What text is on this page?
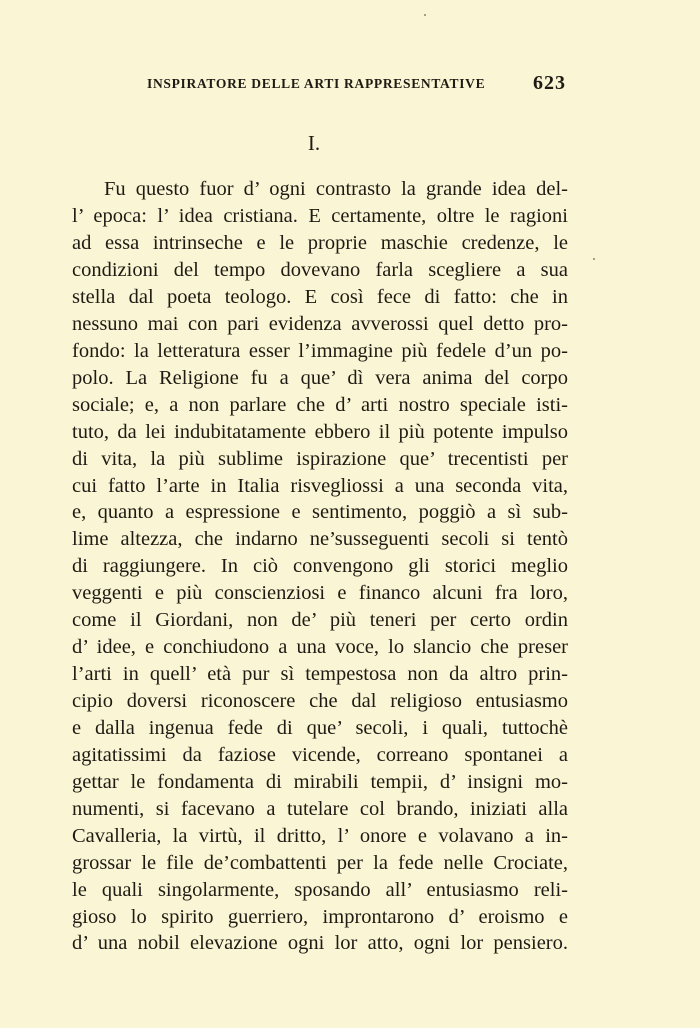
INSPIRATORE DELLE ARTI RAPPRESENTATIVE 623
I.
Fu questo fuor d’ ogni contrasto la grande idea del-
l’ epoca: l’ idea cristiana. E certamente, oltre le ragioni
ad essa intrinseche e le proprie maschie credenze, le
condizioni del tempo dovevano farla scegliere a sua
stella dal poeta teologo. E così fece di fatto: che in
nessuno mai con pari evidenza avverossi quel detto pro-
fondo: la letteratura esser l’immagine più fedele d’un po-
polo. La Religione fu a que’ dì vera anima del corpo
sociale; e, a non parlare che d’ arti nostro speciale isti-
tuto, da lei indubitatamente ebbero il più potente impulso
di vita, la più sublime ispirazione que’ trecentisti per
cui fatto l’arte in Italia risvegliossi a una seconda vita,
e, quanto a espressione e sentimento, poggiò a sì sub-
lime altezza, che indarno ne’susseguenti secoli si tentò
di raggiungere. In ciò convengono gli storici meglio
veggenti e più conscienziosi e financo alcuni fra loro,
come il Giordani, non de’ più teneri per certo ordin
d’ idee, e conchiudono a una voce, lo slancio che preser
l’arti in quell’ età pur sì tempestosa non da altro prin-
cipio doversi riconoscere che dal religioso entusiasmo
e dalla ingenua fede di que’ secoli, i quali, tuttochè
agitatissimi da faziose vicende, correano spontanei a
gettar le fondamenta di mirabili tempii, d’ insigni mo-
numenti, si facevano a tutelare col brando, iniziati alla
Cavalleria, la virtù, il dritto, l’ onore e volavano a in-
grossar le file de’combattenti per la fede nelle Crociate,
le quali singolarmente, sposando all’ entusiasmo reli-
gioso lo spirito guerriero, improntarono d’ eroismo e
d’ una nobil elevazione ogni lor atto, ogni lor pensiero.
